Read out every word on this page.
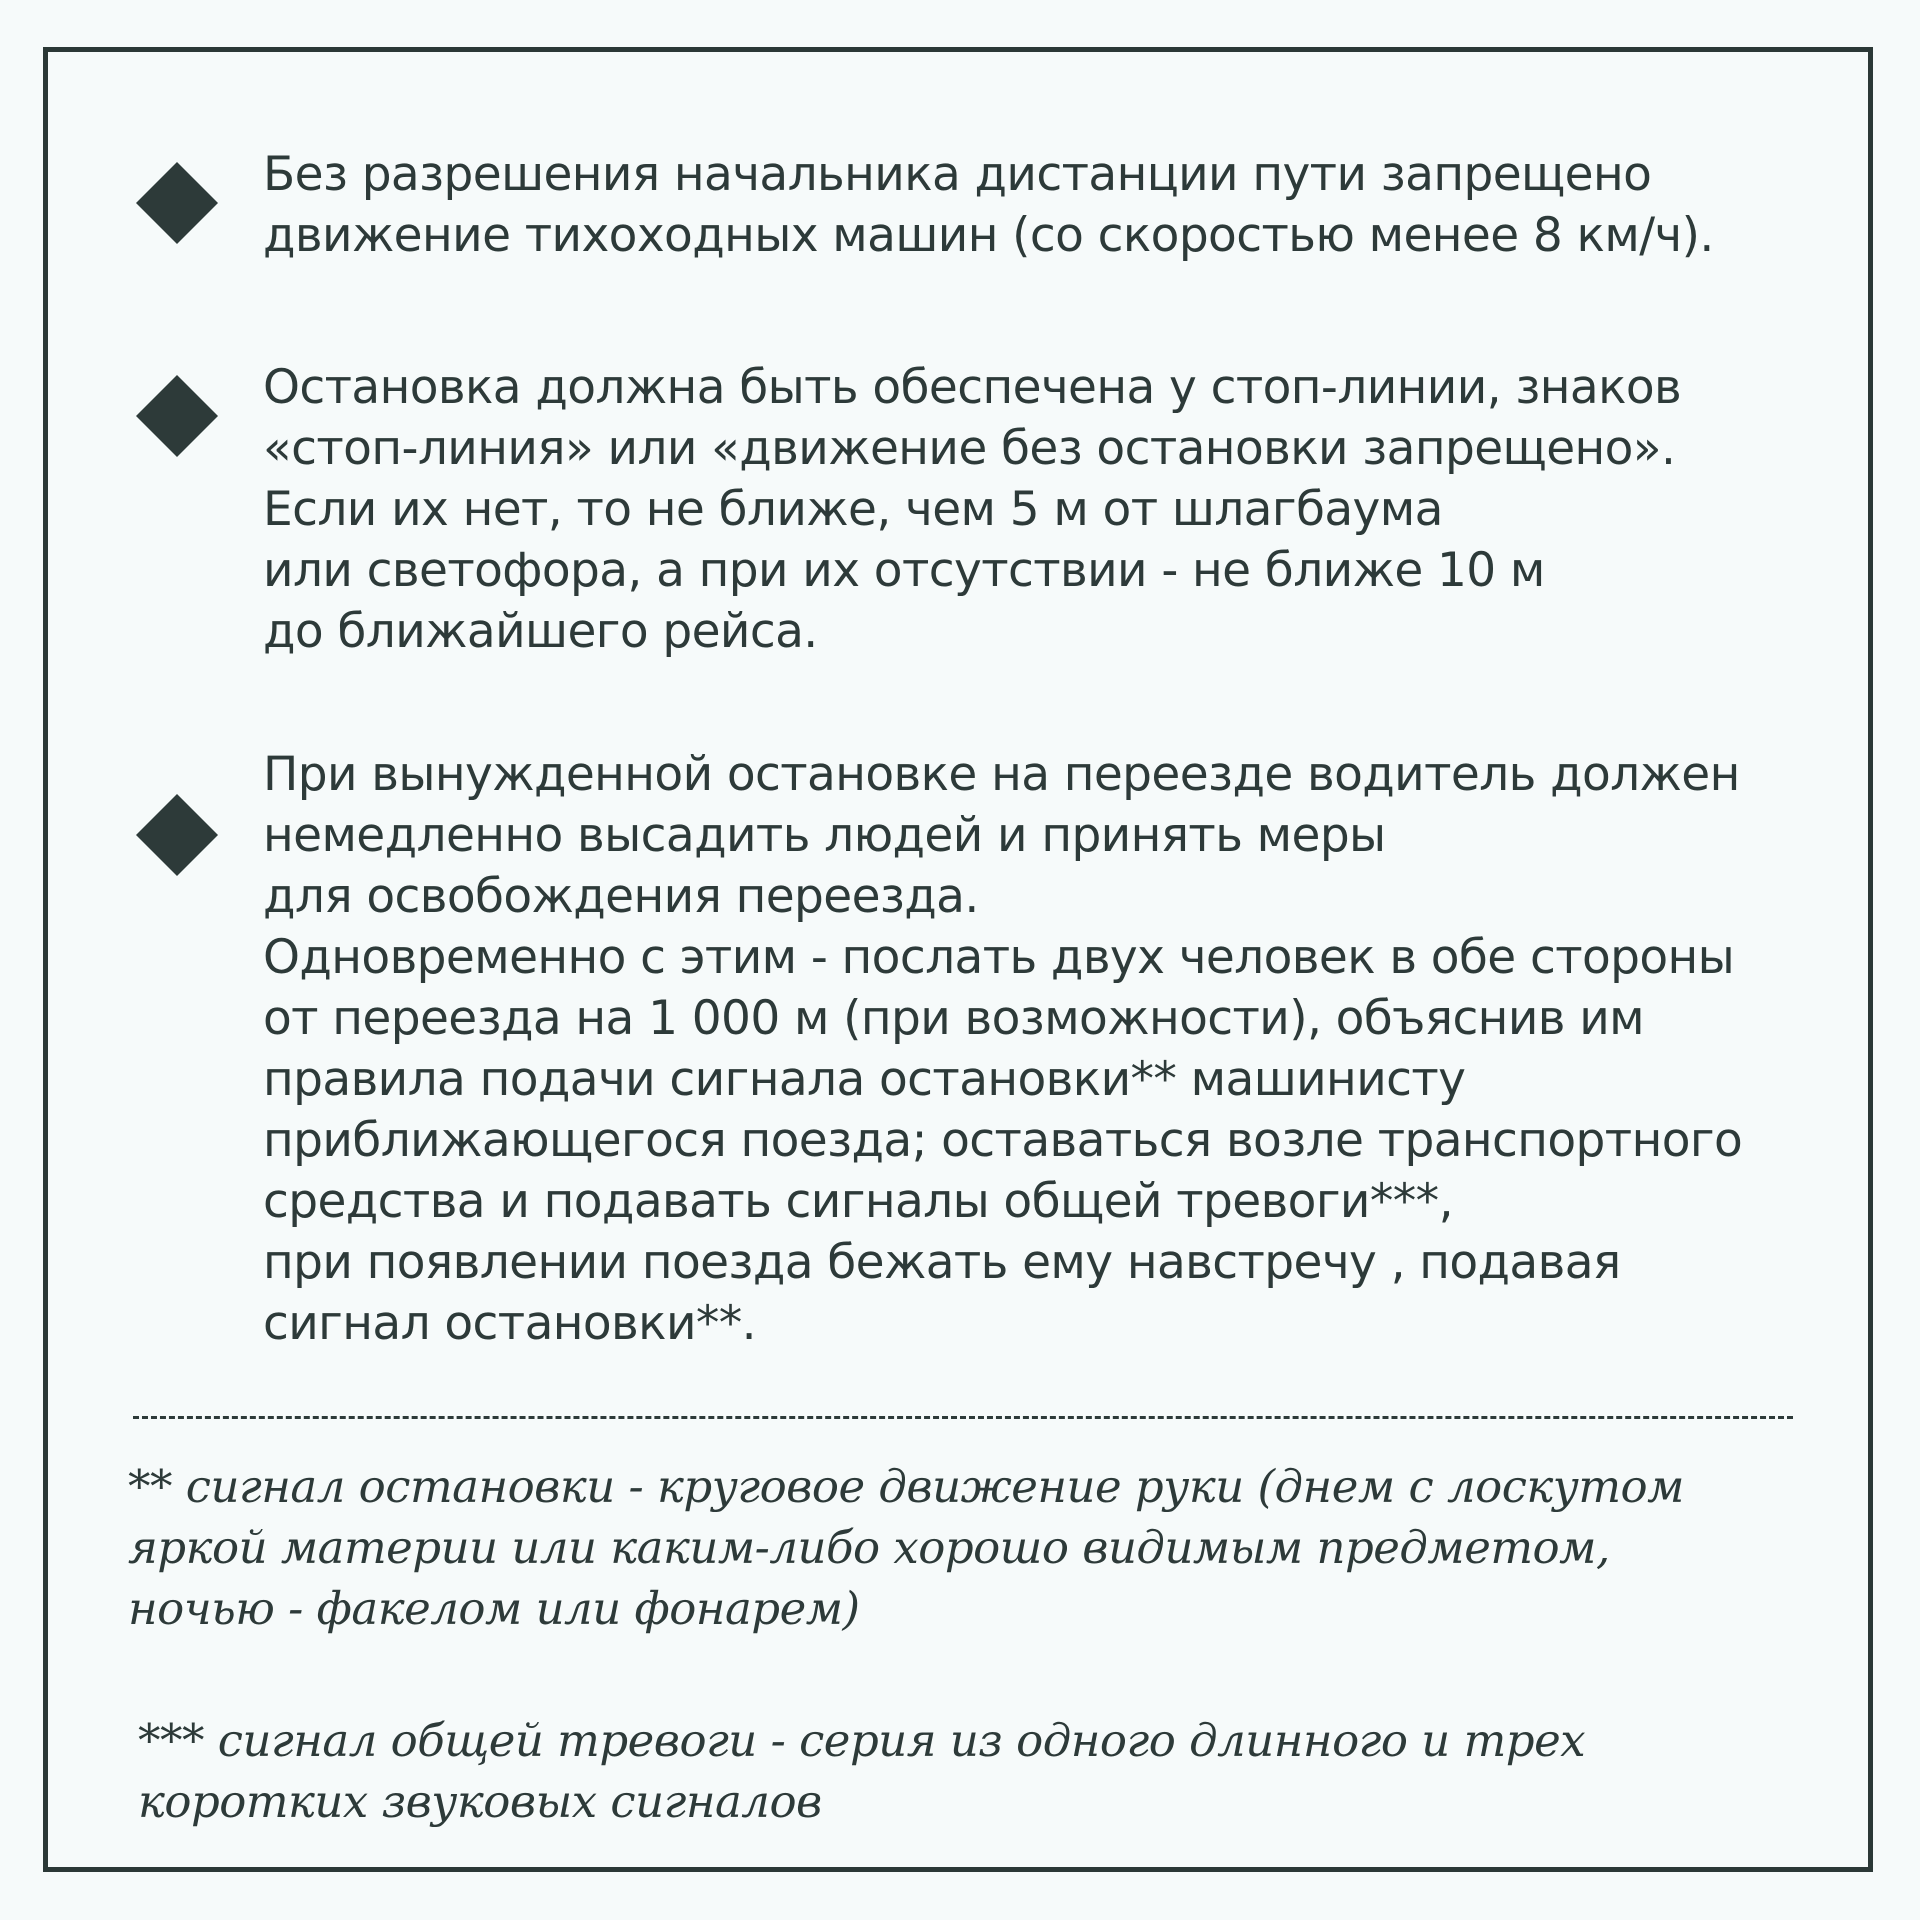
Без разрешения начальника дистанции пути запрещено
движение тихоходных машин (со скоростью менее 8 км/ч).
Остановка должна быть обеспечена у стоп-линии, знаков
«стоп-линия» или «движение без остановки запрещено».
Если их нет, то не ближе, чем 5 м от шлагбаума
или светофора, а при их отсутствии - не ближе 10 м
до ближайшего рейса.
При вынужденной остановке на переезде водитель должен
немедленно высадить людей и принять меры
для освобождения переезда.
Одновременно с этим - послать двух человек в обе стороны
от переезда на 1 000 м (при возможности), объяснив им
правила подачи сигнала остановки** машинисту
приближающегося поезда; оставаться возле транспортного
средства и подавать сигналы общей тревоги***,
при появлении поезда бежать ему навстречу , подавая
сигнал остановки**.
** сигнал остановки - круговое движение руки (днем с лоскутом
яркой материи или каким-либо хорошо видимым предметом,
ночью - факелом или фонарем)
*** сигнал общей тревоги - серия из одного длинного и трех
коротких звуковых сигналов
